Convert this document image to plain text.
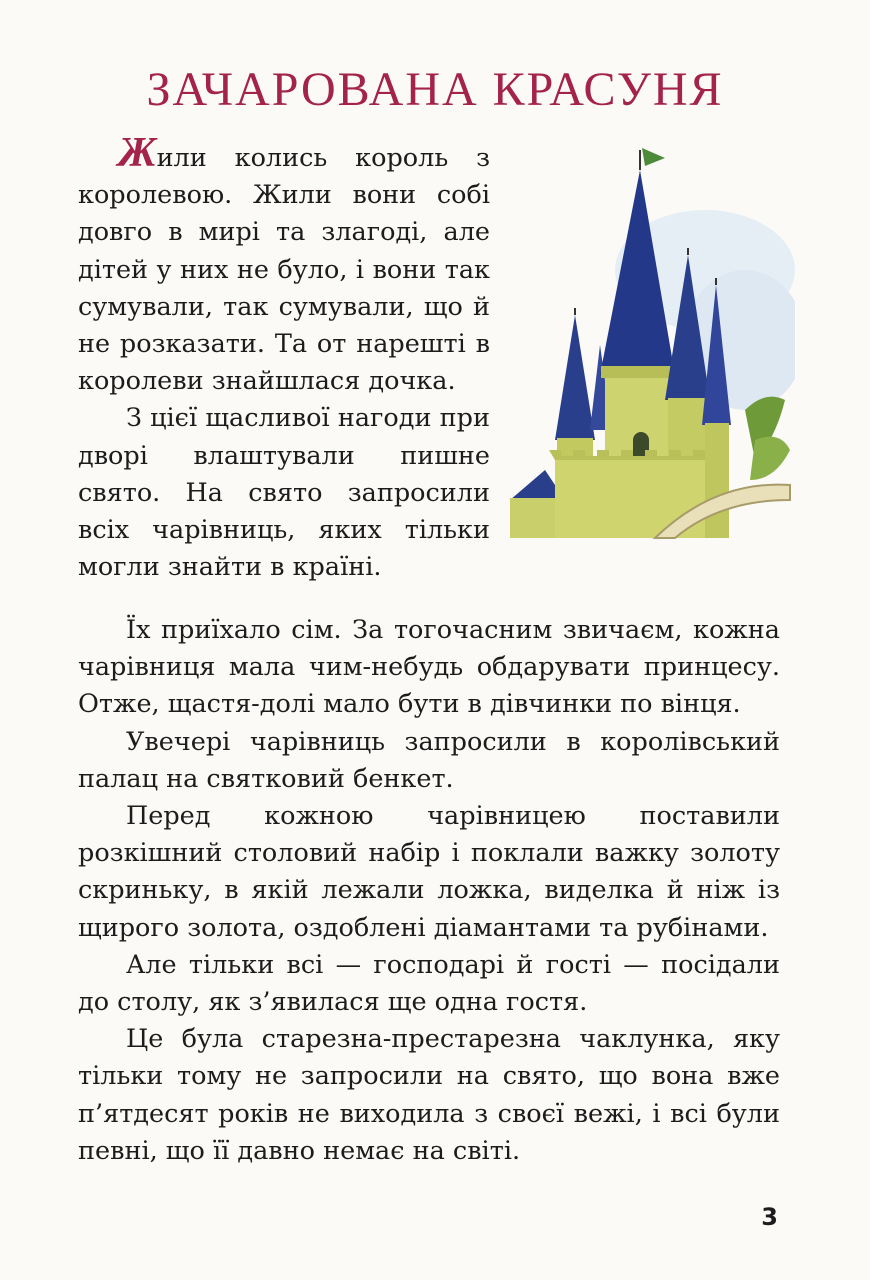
ЗАЧАРОВАНА КРАСУНЯ

Жили колись король з королевою. Жили вони собі довго в мирі та злагоді, але дітей у них не було, і вони так сумували, так сумували, що й не розказати. Та от нарешті в королеви знайшлася дочка.

З цієї щасливої нагоди при дворі влаштували пишне свято. На свято запросили всіх чарівниць, яких тільки могли знайти в країні.

Їх приїхало сім. За тогочасним звичаєм, кожна чарівниця мала чим-небудь обдарувати принцесу. Отже, щастя-долі мало бути в дівчинки по вінця.

Увечері чарівниць запросили в королівський палац на святковий бенкет.

Перед кожною чарівницею поставили розкішний столовий набір і поклали важку золоту скриньку, в якій лежали ложка, виделка й ніж із щирого золота, оздоблені діамантами та рубінами.

Але тільки всі — господарі й гості — посідали до столу, як з’явилася ще одна гостя.

Це була старезна-престарезна чаклунка, яку тільки тому не запросили на свято, що вона вже п’ятдесят років не виходила з своєї вежі, і всі були певні, що її давно немає на світі.

3
